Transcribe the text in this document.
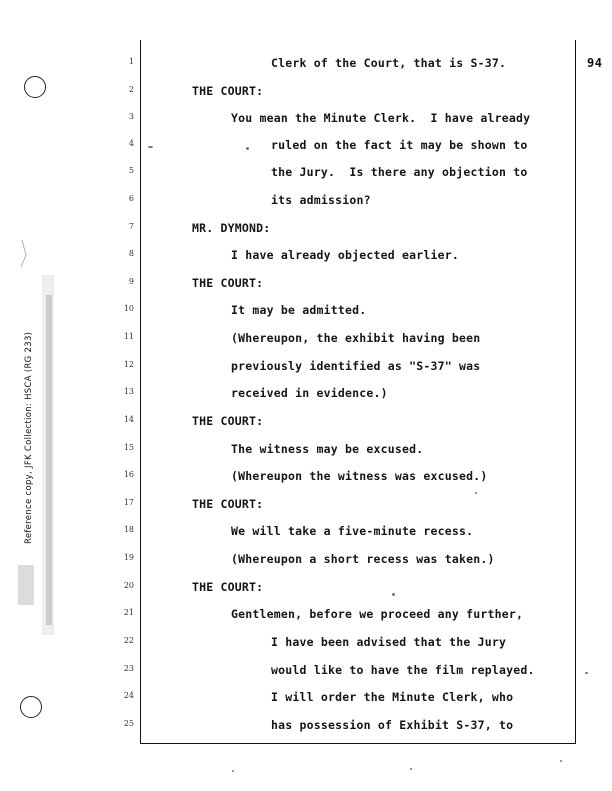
Reference copy, JFK Collection: HSCA (RG 233)
94
1
2
3
4
5
6
7
8
9
10
11
12
13
14
15
16
17
18
19
20
21
22
23
24
25
Clerk of the Court, that is S-37.
THE COURT:
You mean the Minute Clerk.  I have already
ruled on the fact it may be shown to
the Jury.  Is there any objection to
its admission?
MR. DYMOND:
I have already objected earlier.
THE COURT:
It may be admitted.
(Whereupon, the exhibit having been
previously identified as "S-37" was
received in evidence.)
THE COURT:
The witness may be excused.
(Whereupon the witness was excused.)
THE COURT:
We will take a five-minute recess.
(Whereupon a short recess was taken.)
THE COURT:
Gentlemen, before we proceed any further,
I have been advised that the Jury
would like to have the film replayed.
I will order the Minute Clerk, who
has possession of Exhibit S-37, to
